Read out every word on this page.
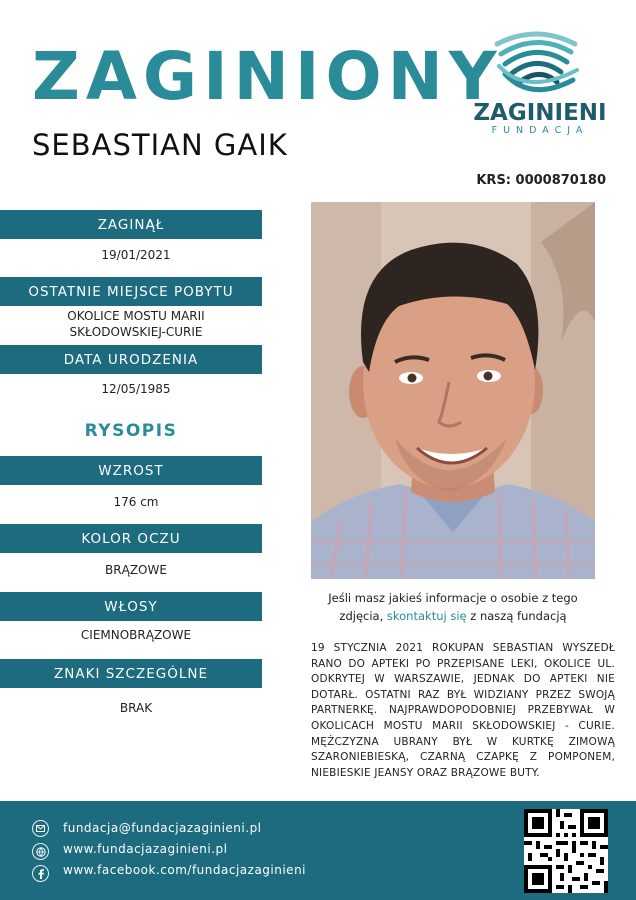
ZAGINIONY
SEBASTIAN GAIK
ZAGINIENI
FUNDACJA
KRS: 0000870180
ZAGINĄŁ
19/01/2021
OSTATNIE MIEJSCE POBYTU
OKOLICE MOSTU MARII
SKŁODOWSKIEJ-CURIE
DATA URODZENIA
12/05/1985
RYSOPIS
WZROST
176 cm
KOLOR OCZU
BRĄZOWE
WŁOSY
CIEMNOBRĄZOWE
ZNAKI SZCZEGÓLNE
BRAK
Jeśli masz jakieś informacje o osobie z tego
zdjęcia, skontaktuj się z naszą fundacją
19 STYCZNIA 2021 ROKUPAN SEBASTIAN WYSZEDŁ RANO DO APTEKI PO PRZEPISANE LEKI, OKOLICE UL. ODKRYTEJ W WARSZAWIE, JEDNAK DO APTEKI NIE DOTARŁ. OSTATNI RAZ BYŁ WIDZIANY PRZEZ SWOJĄ PARTNERKĘ. NAJPRAWDOPODOBNIEJ PRZEBYWAŁ W OKOLICACH MOSTU MARII SKŁODOWSKIEJ - CURIE. MĘŻCZYZNA UBRANY BYŁ W KURTKĘ ZIMOWĄ SZARONIEBIESKĄ, CZARNĄ CZAPKĘ Z POMPONEM, NIEBIESKIE JEANSY ORAZ BRĄZOWE BUTY.
fundacja@fundacjazaginieni.pl
www.fundacjazaginieni.pl
www.facebook.com/fundacjazaginieni
